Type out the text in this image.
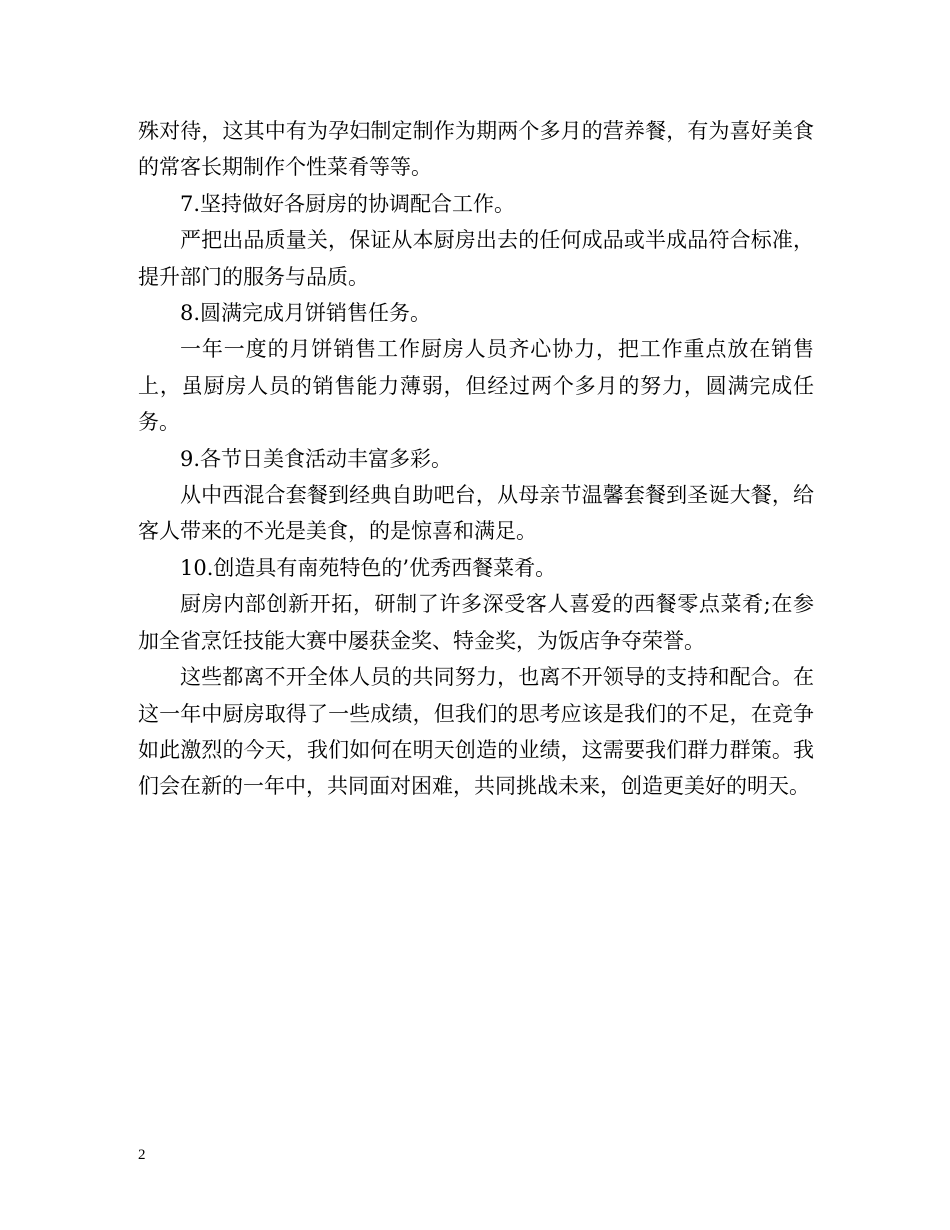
殊对待，这其中有为孕妇制定制作为期两个多月的营养餐，有为喜好美食的常客长期制作个性菜肴等等。

7.坚持做好各厨房的协调配合工作。

严把出品质量关，保证从本厨房出去的任何成品或半成品符合标准，提升部门的服务与品质。

8.圆满完成月饼销售任务。

一年一度的月饼销售工作厨房人员齐心协力，把工作重点放在销售上，虽厨房人员的销售能力薄弱，但经过两个多月的努力，圆满完成任务。

9.各节日美食活动丰富多彩。

从中西混合套餐到经典自助吧台，从母亲节温馨套餐到圣诞大餐，给客人带来的不光是美食，的是惊喜和满足。

10.创造具有南苑特色的’优秀西餐菜肴。

厨房内部创新开拓，研制了许多深受客人喜爱的西餐零点菜肴;在参加全省烹饪技能大赛中屡获金奖、特金奖，为饭店争夺荣誉。

这些都离不开全体人员的共同努力，也离不开领导的支持和配合。在这一年中厨房取得了一些成绩，但我们的思考应该是我们的不足，在竞争如此激烈的今天，我们如何在明天创造的业绩，这需要我们群力群策。我们会在新的一年中，共同面对困难，共同挑战未来，创造更美好的明天。

2
